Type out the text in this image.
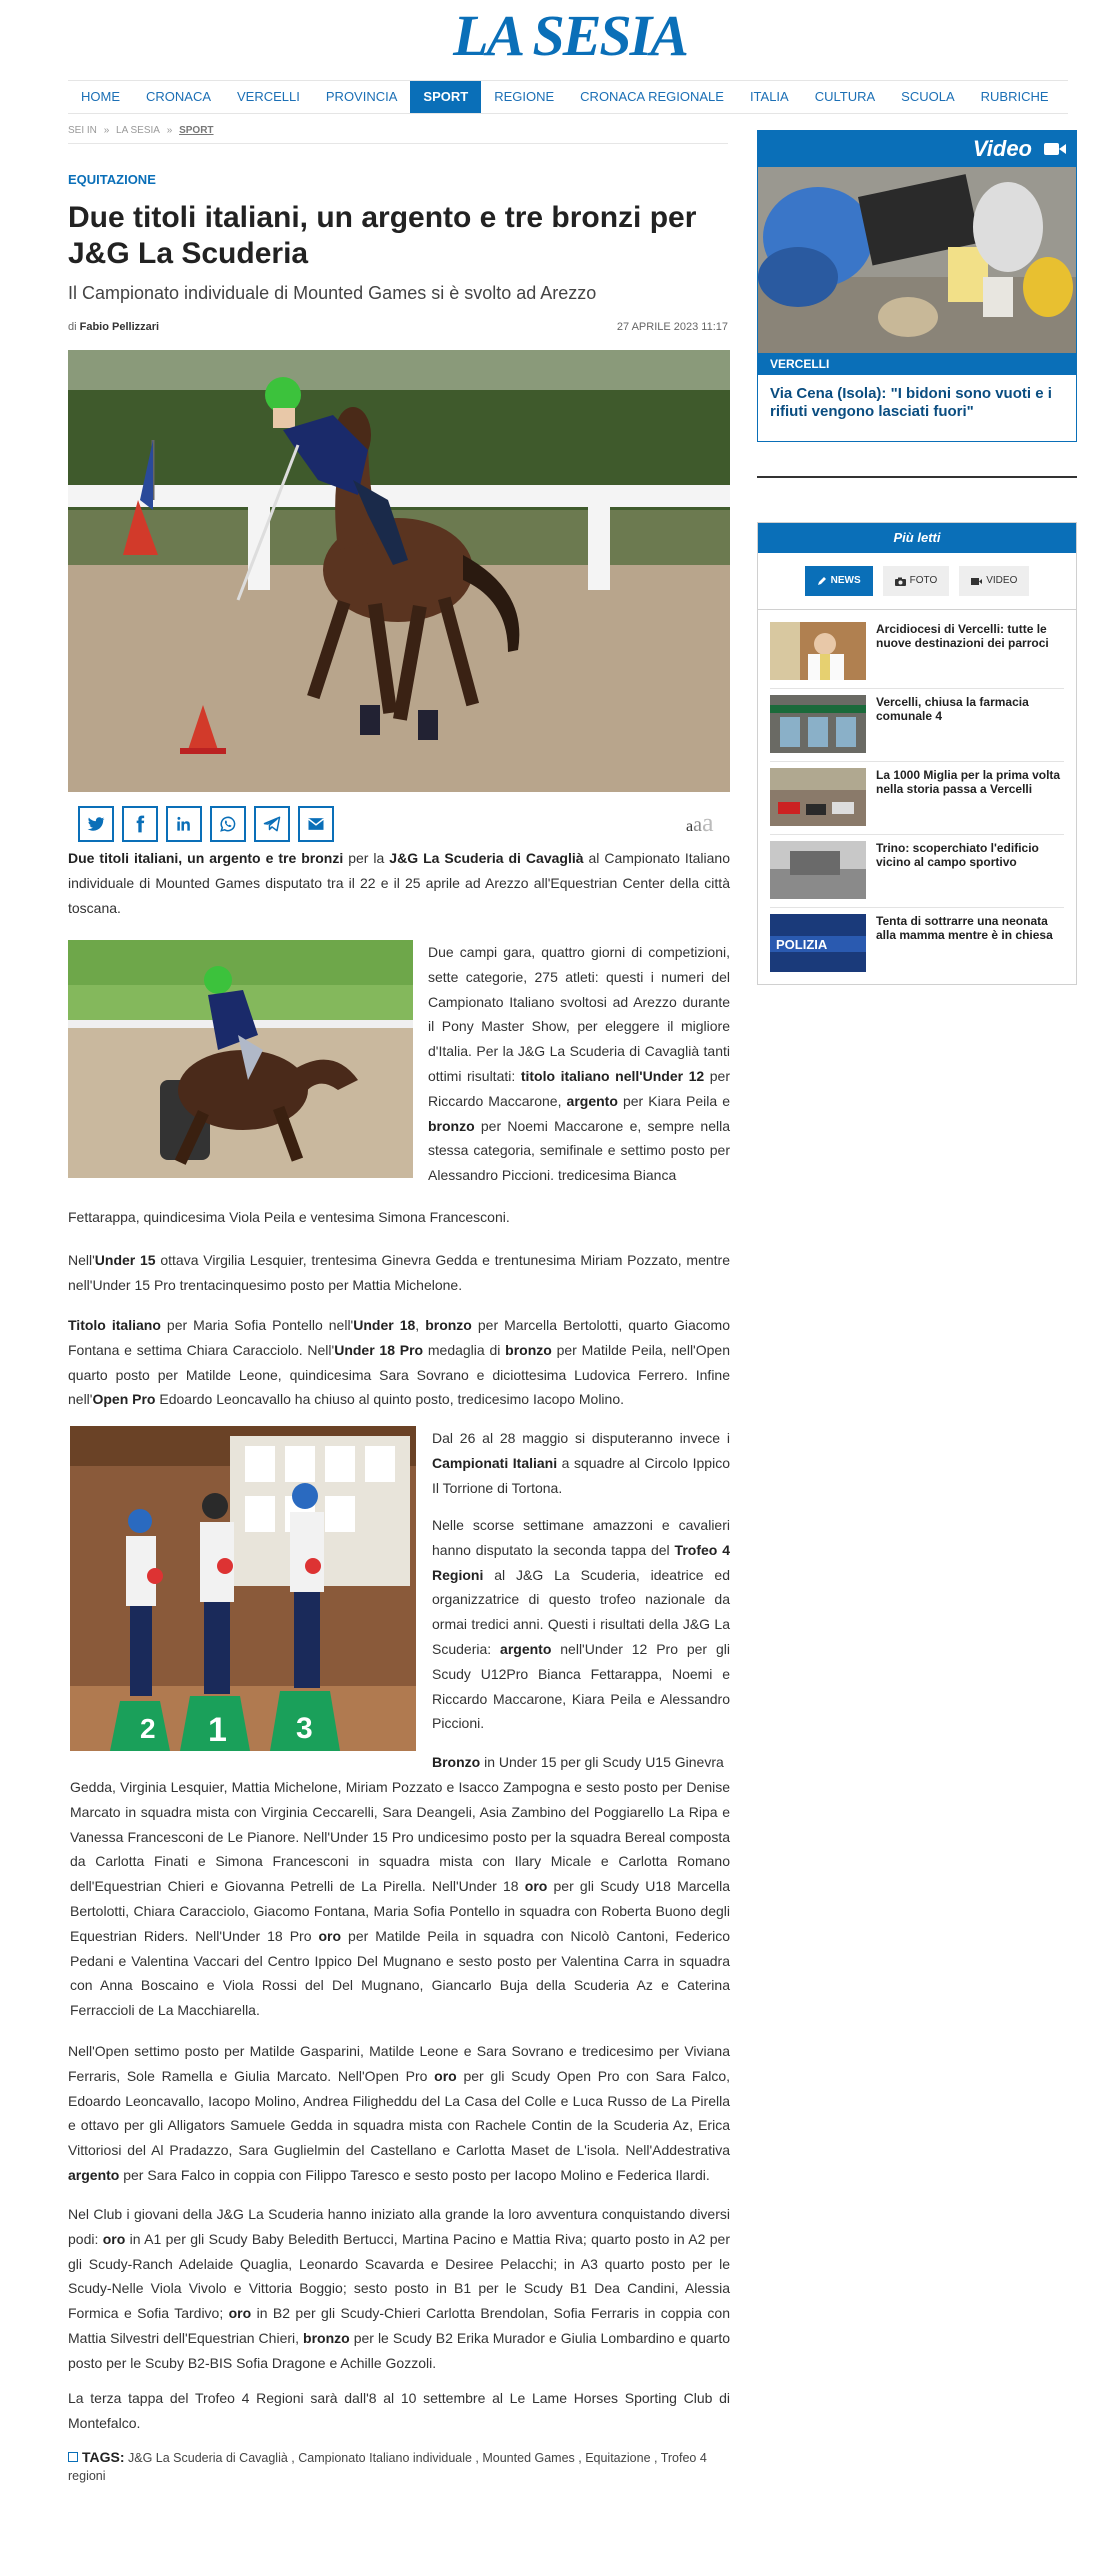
LA SESIA
HOME	CRONACA	VERCELLI	PROVINCIA	SPORT	REGIONE	CRONACA REGIONALE	ITALIA	CULTURA	SCUOLA	RUBRICHE
SEI IN » LA SESIA » SPORT
EQUITAZIONE
Due titoli italiani, un argento e tre bronzi per J&G La Scuderia
Il Campionato individuale di Mounted Games si è svolto ad Arezzo
di Fabio Pellizzari	27 APRILE 2023 11:17
aaa
Due titoli italiani, un argento e tre bronzi per la J&G La Scuderia di Cavaglià al Campionato Italiano individuale di Mounted Games disputato tra il 22 e il 25 aprile ad Arezzo all'Equestrian Center della città toscana.
Due campi gara, quattro giorni di competizioni, sette categorie, 275 atleti: questi i numeri del Campionato Italiano svoltosi ad Arezzo durante il Pony Master Show, per eleggere il migliore d'Italia. Per la J&G La Scuderia di Cavaglià tanti ottimi risultati: titolo italiano nell'Under 12 per Riccardo Maccarone, argento per Kiara Peila e bronzo per Noemi Maccarone e, sempre nella stessa categoria, semifinale e settimo posto per Alessandro Piccioni. tredicesima Bianca
Fettarappa, quindicesima Viola Peila e ventesima Simona Francesconi.
Nell'Under 15 ottava Virgilia Lesquier, trentesima Ginevra Gedda e trentunesima Miriam Pozzato, mentre nell'Under 15 Pro trentacinquesimo posto per Mattia Michelone.
Titolo italiano per Maria Sofia Pontello nell'Under 18, bronzo per Marcella Bertolotti, quarto Giacomo Fontana e settima Chiara Caracciolo. Nell'Under 18 Pro medaglia di bronzo per Matilde Peila, nell'Open quarto posto per Matilde Leone, quindicesima Sara Sovrano e diciottesima Ludovica Ferrero. Infine nell'Open Pro Edoardo Leoncavallo ha chiuso al quinto posto, tredicesimo Iacopo Molino.
2 1 3
Dal 26 al 28 maggio si disputeranno invece i Campionati Italiani a squadre al Circolo Ippico Il Torrione di Tortona.
Nelle scorse settimane amazzoni e cavalieri hanno disputato la seconda tappa del Trofeo 4 Regioni al J&G La Scuderia, ideatrice ed organizzatrice di questo trofeo nazionale da ormai tredici anni. Questi i risultati della J&G La Scuderia: argento nell'Under 12 Pro per gli Scudy U12Pro Bianca Fettarappa, Noemi e Riccardo Maccarone, Kiara Peila e Alessandro Piccioni.
Bronzo in Under 15 per gli Scudy U15 Ginevra
Gedda, Virginia Lesquier, Mattia Michelone, Miriam Pozzato e Isacco Zampogna e sesto posto per Denise Marcato in squadra mista con Virginia Ceccarelli, Sara Deangeli, Asia Zambino del Poggiarello La Ripa e Vanessa Francesconi de Le Pianore. Nell'Under 15 Pro undicesimo posto per la squadra Bereal composta da Carlotta Finati e Simona Francesconi in squadra mista con Ilary Micale e Carlotta Romano dell'Equestrian Chieri e Giovanna Petrelli de La Pirella. Nell'Under 18 oro per gli Scudy U18 Marcella Bertolotti, Chiara Caracciolo, Giacomo Fontana, Maria Sofia Pontello in squadra con Roberta Buono degli Equestrian Riders. Nell'Under 18 Pro oro per Matilde Peila in squadra con Nicolò Cantoni, Federico Pedani e Valentina Vaccari del Centro Ippico Del Mugnano e sesto posto per Valentina Carra in squadra con Anna Boscaino e Viola Rossi del Del Mugnano, Giancarlo Buja della Scuderia Az e Caterina Ferraccioli de La Macchiarella.
Nell'Open settimo posto per Matilde Gasparini, Matilde Leone e Sara Sovrano e tredicesimo per Viviana Ferraris, Sole Ramella e Giulia Marcato. Nell'Open Pro oro per gli Scudy Open Pro con Sara Falco, Edoardo Leoncavallo, Iacopo Molino, Andrea Filigheddu del La Casa del Colle e Luca Russo de La Pirella e ottavo per gli Alligators Samuele Gedda in squadra mista con Rachele Contin de la Scuderia Az, Erica Vittoriosi del Al Pradazzo, Sara Guglielmin del Castellano e Carlotta Maset de L'isola. Nell'Addestrativa argento per Sara Falco in coppia con Filippo Taresco e sesto posto per Iacopo Molino e Federica Ilardi.
Nel Club i giovani della J&G La Scuderia hanno iniziato alla grande la loro avventura conquistando diversi podi: oro in A1 per gli Scudy Baby Beledith Bertucci, Martina Pacino e Mattia Riva; quarto posto in A2 per gli Scudy-Ranch Adelaide Quaglia, Leonardo Scavarda e Desiree Pelacchi; in A3 quarto posto per le Scudy-Nelle Viola Vivolo e Vittoria Boggio; sesto posto in B1 per le Scudy B1 Dea Candini, Alessia Formica e Sofia Tardivo; oro in B2 per gli Scudy-Chieri Carlotta Brendolan, Sofia Ferraris in coppia con Mattia Silvestri dell'Equestrian Chieri, bronzo per le Scudy B2 Erika Murador e Giulia Lombardino e quarto posto per le Scuby B2-BIS Sofia Dragone e Achille Gozzoli.
La terza tappa del Trofeo 4 Regioni sarà dall'8 al 10 settembre al Le Lame Horses Sporting Club di Montefalco.
TAGS: J&G La Scuderia di Cavaglià , Campionato Italiano individuale , Mounted Games , Equitazione , Trofeo 4 regioni
Video
VERCELLI
Via Cena (Isola): "I bidoni sono vuoti e i rifiuti vengono lasciati fuori"
Più letti
NEWS	FOTO	VIDEO
Arcidiocesi di Vercelli: tutte le nuove destinazioni dei parroci
Vercelli, chiusa la farmacia comunale 4
La 1000 Miglia per la prima volta nella storia passa a Vercelli
Trino: scoperchiato l'edificio vicino al campo sportivo
POLIZIA
Tenta di sottrarre una neonata alla mamma mentre è in chiesa
